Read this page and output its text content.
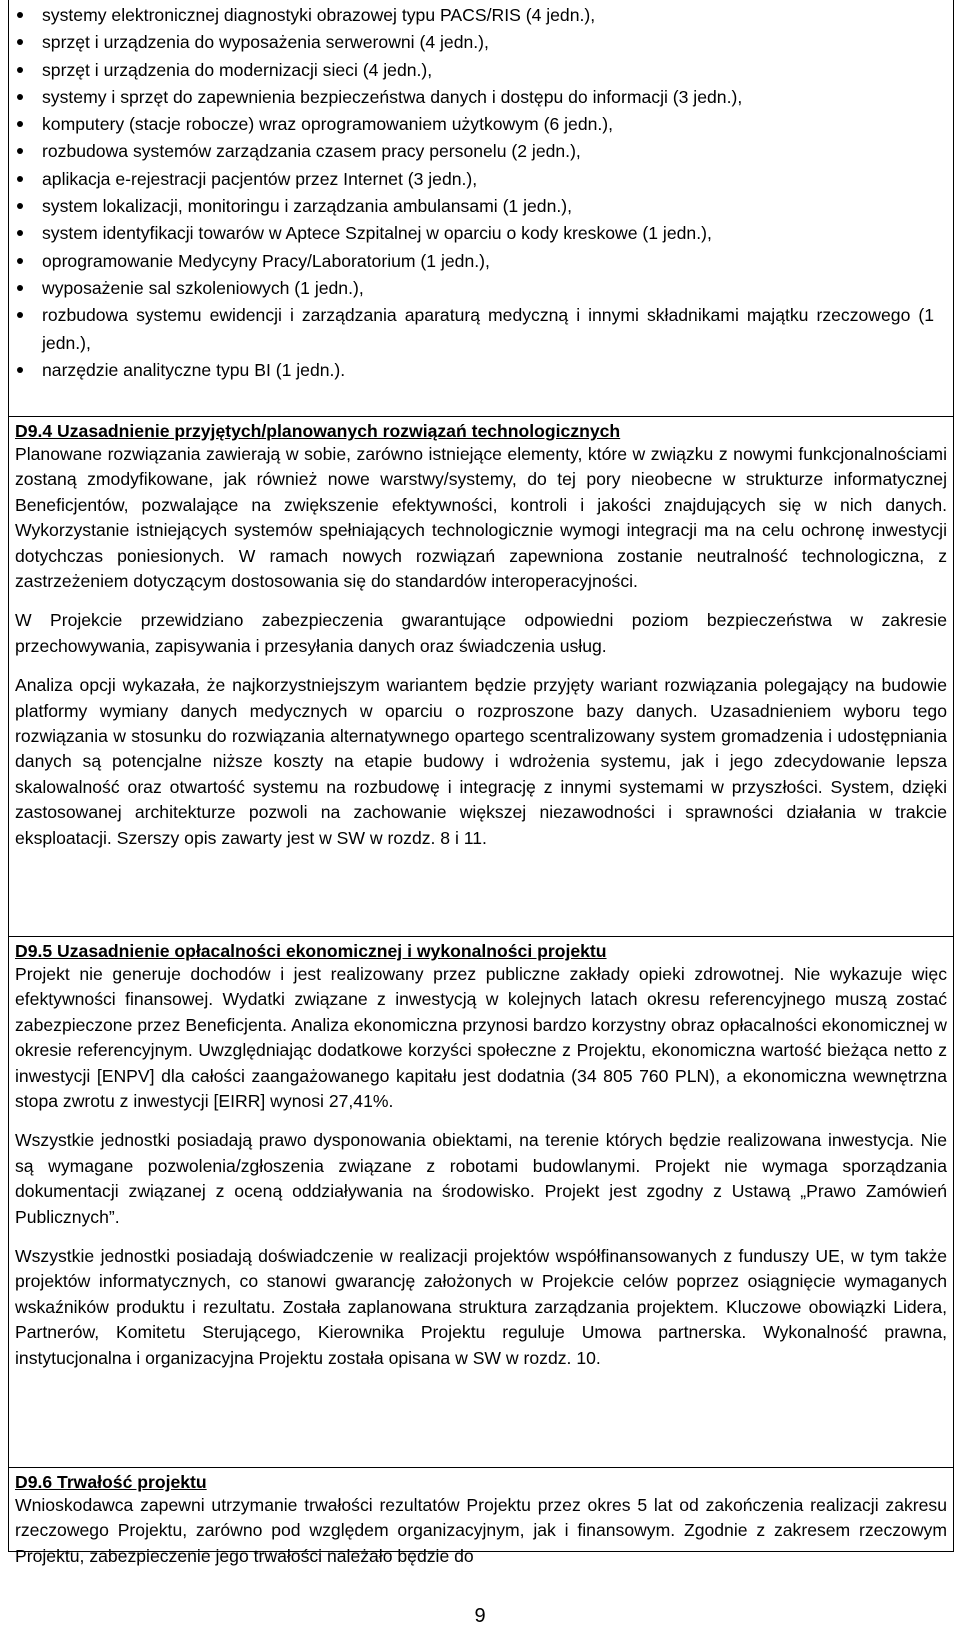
systemy elektronicznej diagnostyki obrazowej typu PACS/RIS (4 jedn.),
sprzęt i urządzenia do wyposażenia serwerowni (4 jedn.),
sprzęt i urządzenia do modernizacji sieci (4 jedn.),
systemy i sprzęt do zapewnienia bezpieczeństwa danych i dostępu do informacji (3 jedn.),
komputery (stacje robocze) wraz oprogramowaniem użytkowym (6 jedn.),
rozbudowa systemów zarządzania czasem pracy personelu (2 jedn.),
aplikacja e-rejestracji pacjentów przez Internet (3 jedn.),
system lokalizacji, monitoringu i zarządzania ambulansami (1 jedn.),
system identyfikacji towarów w Aptece Szpitalnej w oparciu o kody kreskowe (1 jedn.),
oprogramowanie Medycyny Pracy/Laboratorium (1 jedn.),
wyposażenie sal szkoleniowych (1 jedn.),
rozbudowa systemu ewidencji i zarządzania aparaturą medyczną i innymi składnikami majątku rzeczowego (1 jedn.),
narzędzie analityczne typu BI (1 jedn.).
D9.4 Uzasadnienie przyjętych/planowanych rozwiązań technologicznych

Planowane rozwiązania zawierają w sobie, zarówno istniejące elementy, które w związku z nowymi funkcjonalnościami zostaną zmodyfikowane, jak również nowe warstwy/systemy, do tej pory nieobecne w strukturze informatycznej Beneficjentów, pozwalające na zwiększenie efektywności, kontroli i jakości znajdujących się w nich danych. Wykorzystanie istniejących systemów spełniających technologicznie wymogi integracji ma na celu ochronę inwestycji dotychczas poniesionych. W ramach nowych rozwiązań zapewniona zostanie neutralność technologiczna, z zastrzeżeniem dotyczącym dostosowania się do standardów interoperacyjności.

W Projekcie przewidziano zabezpieczenia gwarantujące odpowiedni poziom bezpieczeństwa w zakresie przechowywania, zapisywania i przesyłania danych oraz świadczenia usług.

Analiza opcji wykazała, że najkorzystniejszym wariantem będzie przyjęty wariant rozwiązania polegający na budowie platformy wymiany danych medycznych w oparciu o rozproszone bazy danych. Uzasadnieniem wyboru tego rozwiązania w stosunku do rozwiązania alternatywnego opartego scentralizowany system gromadzenia i udostępniania danych są potencjalne niższe koszty na etapie budowy i wdrożenia systemu, jak i jego zdecydowanie lepsza skalowalność oraz otwartość systemu na rozbudowę i integrację z innymi systemami w przyszłości. System, dzięki zastosowanej architekturze pozwoli na zachowanie większej niezawodności i sprawności działania w trakcie eksploatacji. Szerszy opis zawarty jest w SW w rozdz. 8 i 11.

D9.5 Uzasadnienie opłacalności ekonomicznej i wykonalności projektu

Projekt nie generuje dochodów i jest realizowany przez publiczne zakłady opieki zdrowotnej. Nie wykazuje więc efektywności finansowej. Wydatki związane z inwestycją w kolejnych latach okresu referencyjnego muszą zostać zabezpieczone przez Beneficjenta. Analiza ekonomiczna przynosi bardzo korzystny obraz opłacalności ekonomicznej w okresie referencyjnym. Uwzględniając dodatkowe korzyści społeczne z Projektu, ekonomiczna wartość bieżąca netto z inwestycji [ENPV] dla całości zaangażowanego kapitału jest dodatnia (34 805 760 PLN), a ekonomiczna wewnętrzna stopa zwrotu z inwestycji [EIRR] wynosi 27,41%.

Wszystkie jednostki posiadają prawo dysponowania obiektami, na terenie których będzie realizowana inwestycja. Nie są wymagane pozwolenia/zgłoszenia związane z robotami budowlanymi. Projekt nie wymaga sporządzania dokumentacji związanej z oceną oddziaływania na środowisko. Projekt jest zgodny z Ustawą „Prawo Zamówień Publicznych”.

Wszystkie jednostki posiadają doświadczenie w realizacji projektów współfinansowanych z funduszy UE, w tym także projektów informatycznych, co stanowi gwarancję założonych w Projekcie celów poprzez osiągnięcie wymaganych wskaźników produktu i rezultatu. Została zaplanowana struktura zarządzania projektem. Kluczowe obowiązki Lidera, Partnerów, Komitetu Sterującego, Kierownika Projektu reguluje Umowa partnerska. Wykonalność prawna, instytucjonalna i organizacyjna Projektu została opisana w SW w rozdz. 10.

D9.6 Trwałość projektu

Wnioskodawca zapewni utrzymanie trwałości rezultatów Projektu przez okres 5 lat od zakończenia realizacji zakresu rzeczowego Projektu, zarówno pod względem organizacyjnym, jak i finansowym. Zgodnie z zakresem rzeczowym Projektu, zabezpieczenie jego trwałości należało będzie do

9
